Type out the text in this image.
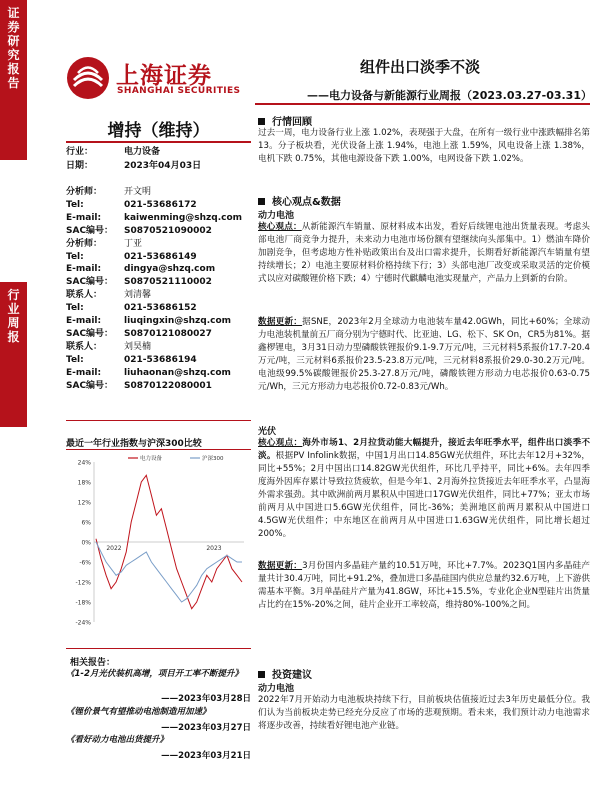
证券研究报告
行业周报
上海证券
SHANGHAI SECURITIES
组件出口淡季不淡
——电力设备与新能源行业周报（2023.03.27-03.31）
增持（维持）
行业：	电力设备
日期：	2023年04月03日
分析师： 开文明
Tel:	021-53686172
E-mail:	kaiwenming@shzq.com
SAC编号： S0870521090002
分析师： 丁亚
Tel:	021-53686149
E-mail:	dingya@shzq.com
SAC编号： S0870521110002
联系人： 刘清馨
Tel:	021-53686152
E-mail:	liuqingxin@shzq.com
SAC编号： S0870121080027
联系人： 刘昊楠
Tel:	021-53686194
E-mail:	liuhaonan@shzq.com
SAC编号： S0870122080001
最近一年行业指数与沪深300比较
24%
18%
12%
6%
0%
-6%
-12%
-18%
-24%
2022	2023
电力设备	沪深300
相关报告：
《1-2月光伏装机高增，项目开工率不断提升》
——2023年03月28日
《锂价景气有望推动电池制造用加速》
——2023年03月27日
《看好动力电池出货提升》
——2023年03月21日
行情回顾
过去一周，电力设备行业上涨 1.02%，表现强于大盘，在所有一级行业中涨跌幅排名第 13。分子板块看，光伏设备上涨 1.94%，电池上涨 1.59%，风电设备上涨 1.38%，电机下跌 0.75%，其他电源设备下跌 1.00%，电网设备下跌 1.02%。
核心观点&数据
动力电池
核心观点：从新能源汽车销量、原材料成本出发，看好后续锂电池出货量表现。考虑头部电池厂商竞争力提升，未来动力电池市场份额有望继续向头部集中。1）燃油车降价加剧竞争，但考虑地方性补贴政策出台及出口需求提升，长期看好新能源汽车销量有望持续增长；2）电池主要原材料价格持续下行；3）头部电池厂改变或采取灵活的定价模式以应对碳酸锂价格下跌；4）宁德时代麒麟电池实现量产，产品力上到新的台阶。
数据更新：据SNE，2023年2月全球动力电池装车量42.0GWh，同比+60%；全球动力电池装机量前五厂商分别为宁德时代、比亚迪、LG、松下、SK On，CR5为81%。据鑫椤锂电，3月31日动力型磷酸铁锂报价9.1-9.7万元/吨，三元材料5系报价17.7-20.4万元/吨，三元材料6系报价23.5-23.8万元/吨，三元材料8系报价29.0-30.2万元/吨。电池级99.5%碳酸锂报价25.3-27.8万元/吨，磷酸铁锂方形动力电芯报价0.63-0.75元/Wh，三元方形动力电芯报价0.72-0.83元/Wh。
光伏
核心观点：海外市场1、2月拉货动能大幅提升，接近去年旺季水平，组件出口淡季不淡。根据PV Infolink数据，中国1月出口14.85GW光伏组件，环比去年12月+32%，同比+55%；2月中国出口14.82GW光伏组件，环比几乎持平，同比+6%。去年四季度海外因库存累计导致拉货疲软，但是今年1、2月海外拉货接近去年旺季水平，凸显海外需求强劲。其中欧洲前两月累积从中国进口17GW光伏组件，同比+77%；亚太市场前两月从中国进口5.6GW光伏组件，同比-36%；美洲地区前两月累积从中国进口4.5GW光伏组件；中东地区在前两月从中国进口1.63GW光伏组件，同比增长超过200%。
数据更新：3月份国内多晶硅产量约10.51万吨，环比+7.7%。2023Q1国内多晶硅产量共计30.4万吨，同比+91.2%，叠加进口多晶硅国内供应总量约32.6万吨，上下游供需基本平衡。3月单晶硅片产量为41.8GW，环比+15.5%，专业化企业N型硅片出货量占比约在15%-20%之间，硅片企业开工率较高，维持80%-100%之间。
投资建议
动力电池
2022年7月开始动力电池板块持续下行，目前板块估值接近过去3年历史最低分位。我们认为当前板块走势已经充分反应了市场的悲观预期。看未来，我们预计动力电池需求将逐步改善，持续看好锂电池产业链。
